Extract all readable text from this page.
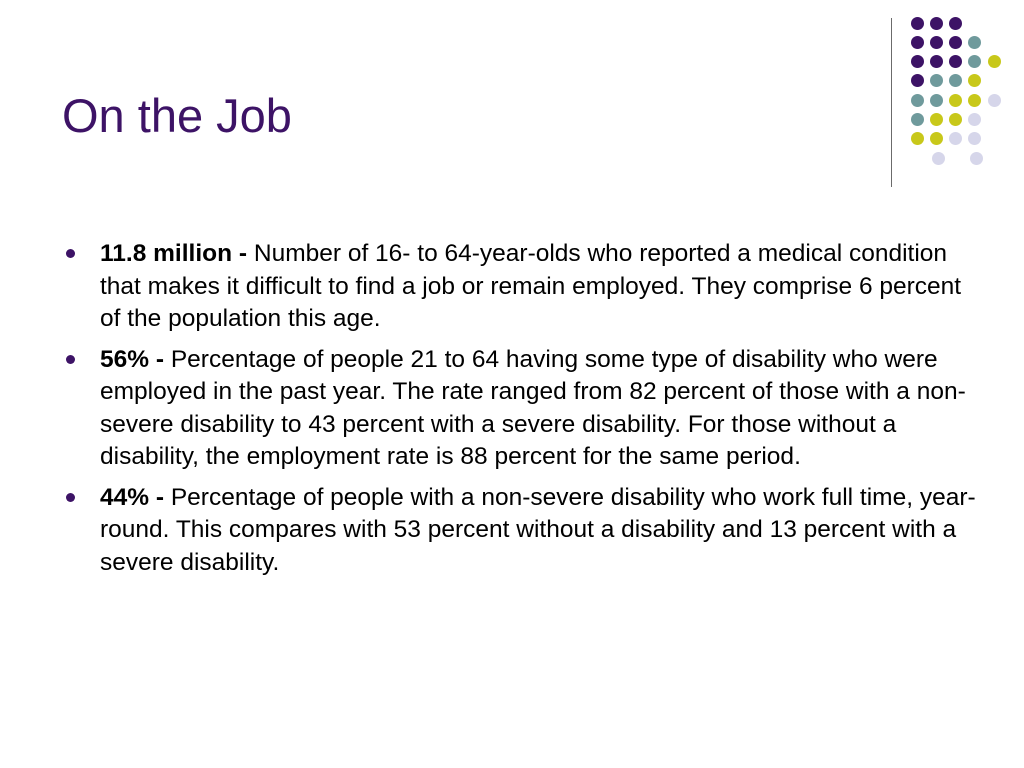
On the Job
11.8 million - Number of 16- to 64-year-olds who reported a medical condition that makes it difficult to find a job or remain employed. They comprise 6 percent of the population this age.
56% - Percentage of people 21 to 64 having some type of disability who were employed in the past year. The rate ranged from 82 percent of those with a non-severe disability to 43 percent with a severe disability. For those without a disability, the employment rate is 88 percent for the same period.
44% - Percentage of people with a non-severe disability who work full time, year-round. This compares with 53 percent without a disability and 13 percent with a severe disability.
